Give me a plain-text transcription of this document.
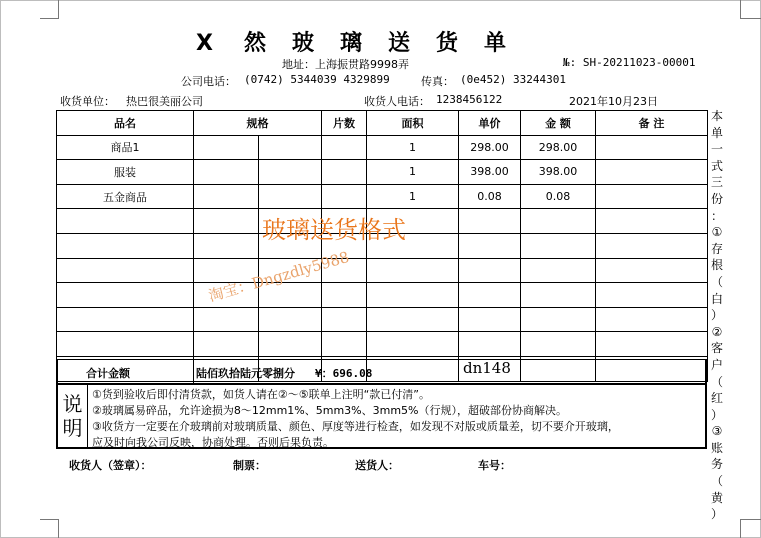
X 然 玻 璃 送 货 单
地址：上海振贯路9998弄	№: SH-20211023-00001
公司电话： (0742) 5344039 4329899	传真： (0e452) 33244301
收货单位： 热巴很美丽公司	收货人电话： 1238456122	2021年10月23日
品名	规格		片数	面积	单价	金 额	备 注
商品1				1	298.00	298.00	
服装				1	398.00	398.00	
五金商品				1	0.08	0.08	

合计金额	陆佰玖拾陆元零捌分 ¥：696.08	dn148
说
明
①货到验收后即付清货款，如货人请在②～⑤联单上注明“款已付清”。
②玻璃属易碎品，允许途损为8～12mm1%、5mm3%、3mm5%（行规），超破部份协商解决。
③收货方一定要在介玻璃前对玻璃质量、颜色、厚度等进行检查，如发现不对版或质量差，切不要介开玻璃，
应及时向我公司反映，协商处理。否则后果负责。
收货人（签章）：	制票：	送货人：	车号：
本
单
一
式
三
份
：
①
存
根
（
白
）
②
客
户
（
红
）
③
账
务
（
黄
）
玻璃送货格式
淘宝：Dngzdly5988
